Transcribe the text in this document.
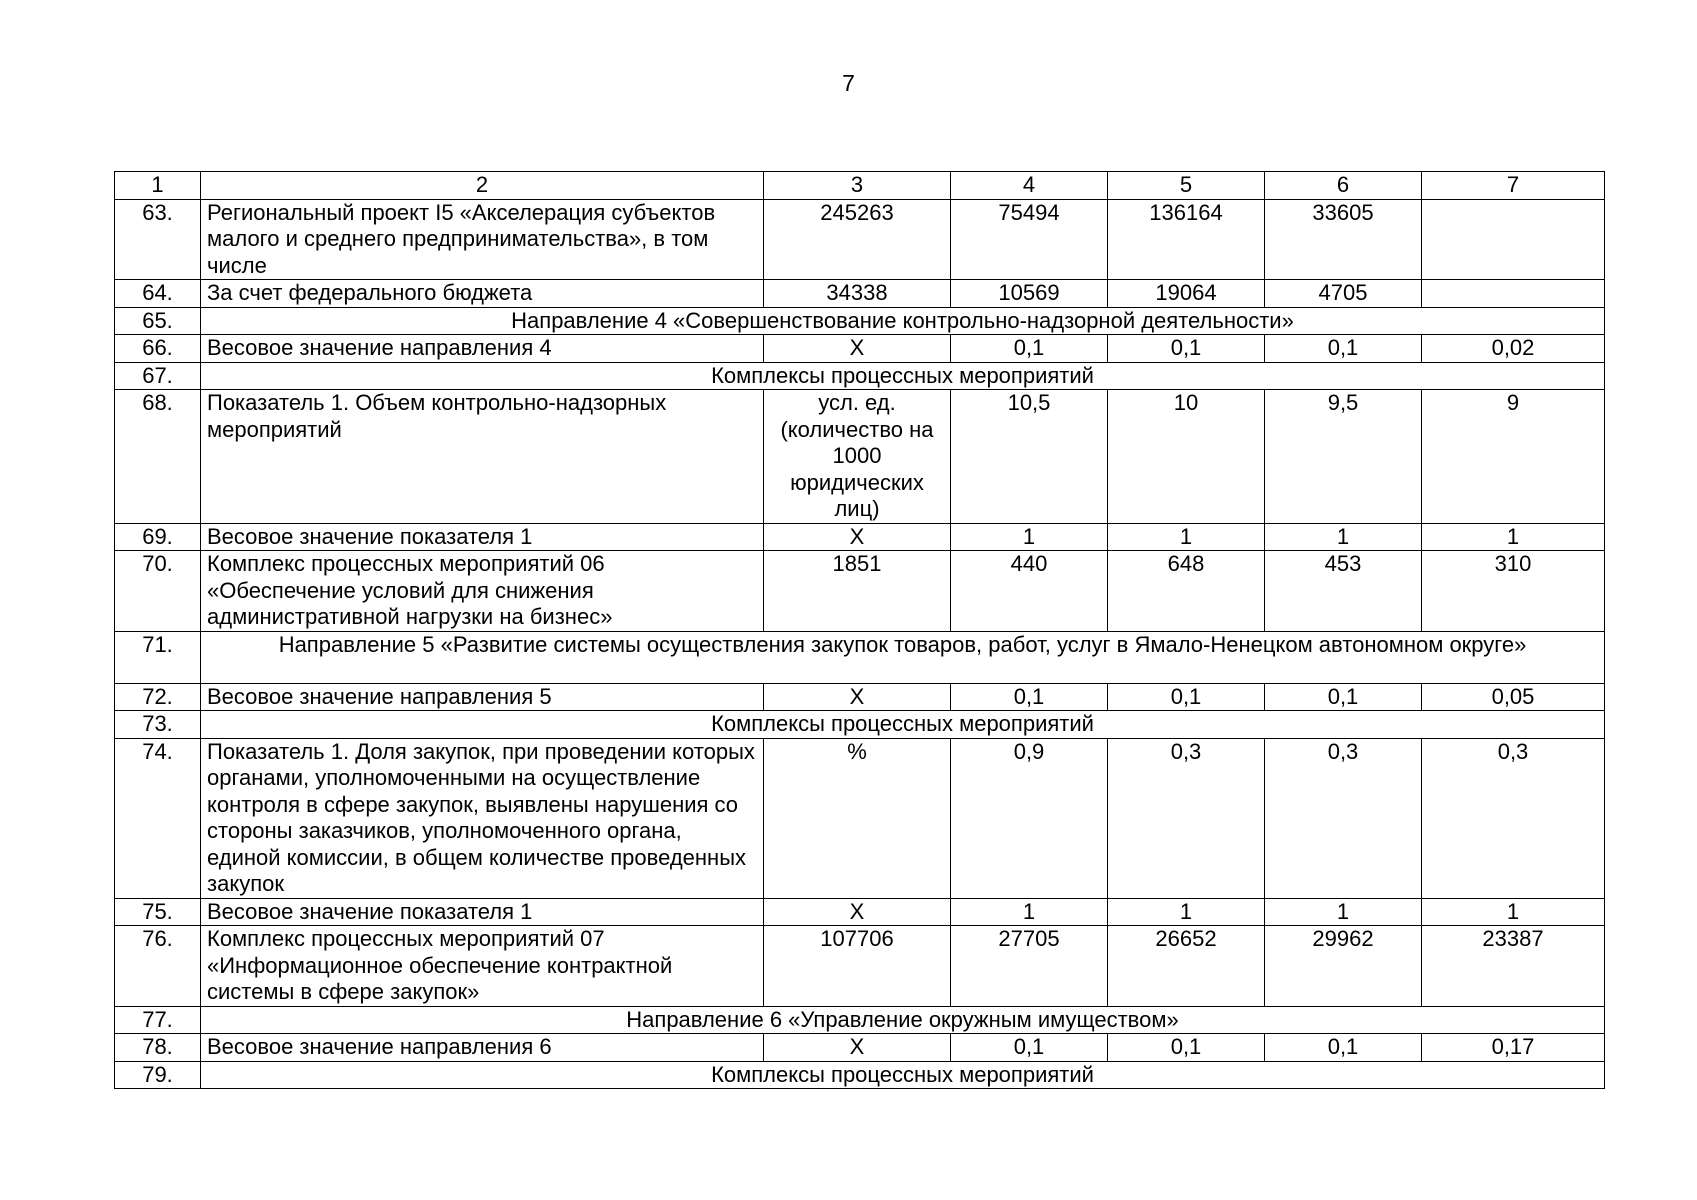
7
1	2	3	4	5	6	7
63.	Региональный проект I5 «Акселерация субъектов малого и среднего предпринимательства», в том числе	245263	75494	136164	33605	
64.	За счет федерального бюджета	34338	10569	19064	4705	
65.	Направление 4 «Совершенствование контрольно-надзорной деятельности»					
66.	Весовое значение направления 4	Х	0,1	0,1	0,1	0,02
67.	Комплексы процессных мероприятий					
68.	Показатель 1. Объем контрольно-надзорных мероприятий	усл. ед. (количество на 1000 юридических лиц)	10,5	10	9,5	9
69.	Весовое значение показателя 1	Х	1	1	1	1
70.	Комплекс процессных мероприятий 06 «Обеспечение условий для снижения административной нагрузки на бизнес»	1851	440	648	453	310
71.	Направление 5 «Развитие системы осуществления закупок товаров, работ, услуг в Ямало-Ненецком автономном округе»					
72.	Весовое значение направления 5	Х	0,1	0,1	0,1	0,05
73.	Комплексы процессных мероприятий					
74.	Показатель 1. Доля закупок, при проведении которых органами, уполномоченными на осуществление контроля в сфере закупок, выявлены нарушения со стороны заказчиков, уполномоченного органа, единой комиссии, в общем количестве проведенных закупок	%	0,9	0,3	0,3	0,3
75.	Весовое значение показателя 1	Х	1	1	1	1
76.	Комплекс процессных мероприятий 07 «Информационное обеспечение контрактной системы в сфере закупок»	107706	27705	26652	29962	23387
77.	Направление 6 «Управление окружным имуществом»					
78.	Весовое значение направления 6	Х	0,1	0,1	0,1	0,17
79.	Комплексы процессных мероприятий					
